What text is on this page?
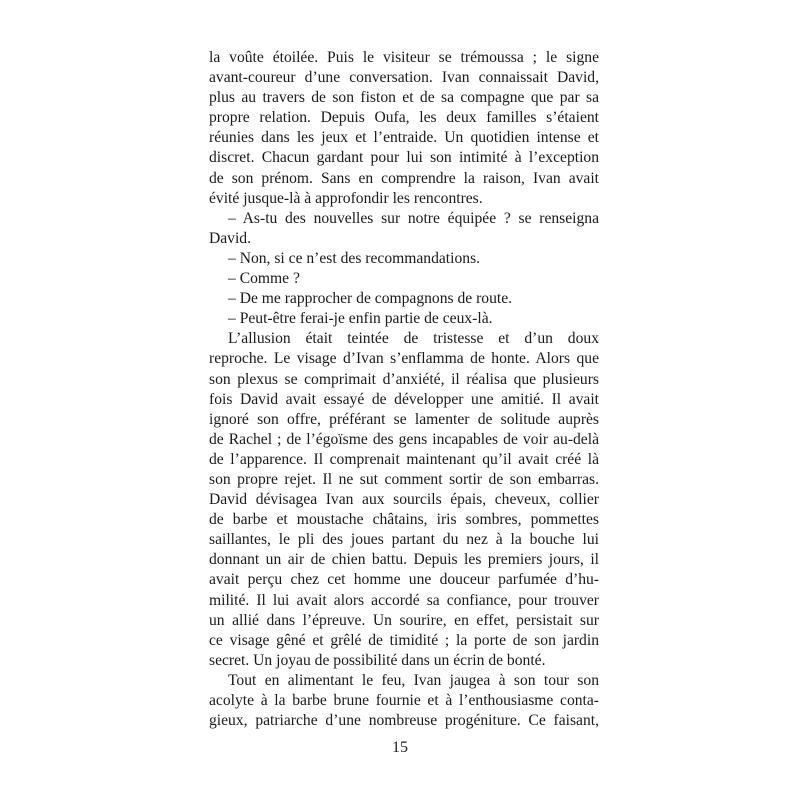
la voûte étoilée. Puis le visiteur se trémoussa ; le signe
avant-coureur d’une conversation. Ivan connaissait David,
plus au travers de son fiston et de sa compagne que par sa
propre relation. Depuis Oufa, les deux familles s’étaient
réunies dans les jeux et l’entraide. Un quotidien intense et
discret. Chacun gardant pour lui son intimité à l’exception
de son prénom. Sans en comprendre la raison, Ivan avait
évité jusque-là à approfondir les rencontres.
– As-tu des nouvelles sur notre équipée ? se renseigna
David.
– Non, si ce n’est des recommandations.
– Comme ?
– De me rapprocher de compagnons de route.
– Peut-être ferai-je enfin partie de ceux-là.
L’allusion était teintée de tristesse et d’un doux
reproche. Le visage d’Ivan s’enflamma de honte. Alors que
son plexus se comprimait d’anxiété, il réalisa que plusieurs
fois David avait essayé de développer une amitié. Il avait
ignoré son offre, préférant se lamenter de solitude auprès
de Rachel ; de l’égoïsme des gens incapables de voir au-delà
de l’apparence. Il comprenait maintenant qu’il avait créé là
son propre rejet. Il ne sut comment sortir de son embarras.
David dévisagea Ivan aux sourcils épais, cheveux, collier
de barbe et moustache châtains, iris sombres, pommettes
saillantes, le pli des joues partant du nez à la bouche lui
donnant un air de chien battu. Depuis les premiers jours, il
avait perçu chez cet homme une douceur parfumée d’hu-
milité. Il lui avait alors accordé sa confiance, pour trouver
un allié dans l’épreuve. Un sourire, en effet, persistait sur
ce visage gêné et grêlé de timidité ; la porte de son jardin
secret. Un joyau de possibilité dans un écrin de bonté.
Tout en alimentant le feu, Ivan jaugea à son tour son
acolyte à la barbe brune fournie et à l’enthousiasme conta-
gieux, patriarche d’une nombreuse progéniture. Ce faisant,
15
